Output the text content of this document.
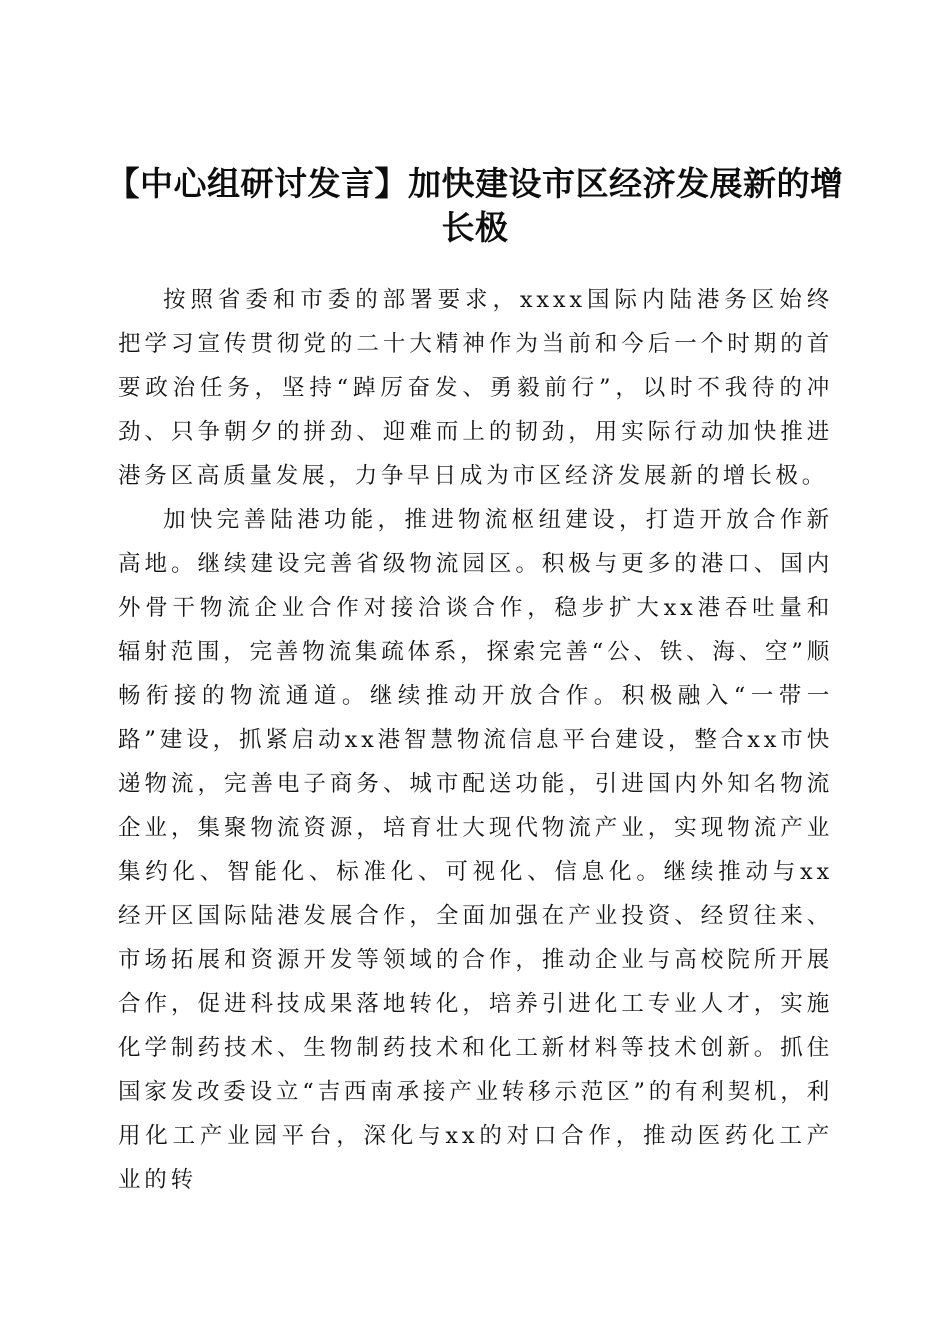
【中心组研讨发言】加快建设市区经济发展新的增长极

按照省委和市委的部署要求，xxxx国际内陆港务区始终把学习宣传贯彻党的二十大精神作为当前和今后一个时期的首要政治任务，坚持“踔厉奋发、勇毅前行”，以时不我待的冲劲、只争朝夕的拼劲、迎难而上的韧劲，用实际行动加快推进港务区高质量发展，力争早日成为市区经济发展新的增长极。

加快完善陆港功能，推进物流枢纽建设，打造开放合作新高地。继续建设完善省级物流园区。积极与更多的港口、国内外骨干物流企业合作对接洽谈合作，稳步扩大xx港吞吐量和辐射范围，完善物流集疏体系，探索完善“公、铁、海、空”顺畅衔接的物流通道。继续推动开放合作。积极融入“一带一路”建设，抓紧启动xx港智慧物流信息平台建设，整合xx市快递物流，完善电子商务、城市配送功能，引进国内外知名物流企业，集聚物流资源，培育壮大现代物流产业，实现物流产业集约化、智能化、标准化、可视化、信息化。继续推动与xx经开区国际陆港发展合作，全面加强在产业投资、经贸往来、市场拓展和资源开发等领域的合作，推动企业与高校院所开展合作，促进科技成果落地转化，培养引进化工专业人才，实施化学制药技术、生物制药技术和化工新材料等技术创新。抓住国家发改委设立“吉西南承接产业转移示范区”的有利契机，利用化工产业园平台，深化与xx的对口合作，推动医药化工产业的转
